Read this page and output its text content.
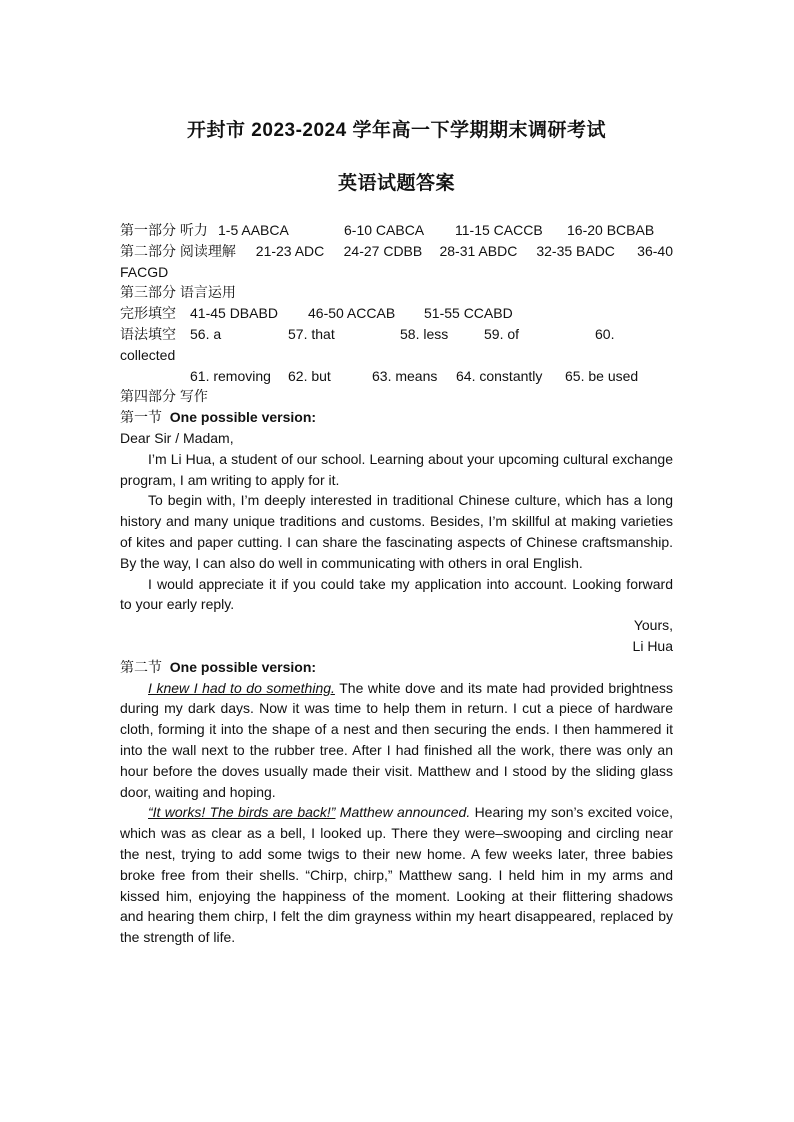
开封市 2023-2024 学年高一下学期期末调研考试
英语试题答案
第一部分 听力 1-5 AABCA	6-10 CABCA	11-15 CACCB	16-20 BCBAB
第二部分 阅读理解	21-23 ADC	24-27 CDBB	28-31 ABDC	32-35 BADC	36-40
FACGD
第三部分 语言运用
完形填空	41-45 DBABD	46-50 ACCAB	51-55 CCABD
语法填空	56. a	57. that	58. less	59. of	60.
collected
61. removing	62. but	63. means	64. constantly	65. be used
第四部分 写作
第一节 One possible version:
Dear Sir / Madam,

I’m Li Hua, a student of our school. Learning about your upcoming cultural exchange program, I am writing to apply for it.

To begin with, I’m deeply interested in traditional Chinese culture, which has a long history and many unique traditions and customs. Besides, I’m skillful at making varieties of kites and paper cutting. I can share the fascinating aspects of Chinese craftsmanship. By the way, I can also do well in communicating with others in oral English.

I would appreciate it if you could take my application into account. Looking forward to your early reply.

Yours,
Li Hua
第二节 One possible version:

I knew I had to do something. The white dove and its mate had provided brightness during my dark days. Now it was time to help them in return. I cut a piece of hardware cloth, forming it into the shape of a nest and then securing the ends. I then hammered it into the wall next to the rubber tree. After I had finished all the work, there was only an hour before the doves usually made their visit. Matthew and I stood by the sliding glass door, waiting and hoping.

“It works! The birds are back!” Matthew announced. Hearing my son’s excited voice, which was as clear as a bell, I looked up. There they were–swooping and circling near the nest, trying to add some twigs to their new home. A few weeks later, three babies broke free from their shells. “Chirp, chirp,” Matthew sang. I held him in my arms and kissed him, enjoying the happiness of the moment. Looking at their flittering shadows and hearing them chirp, I felt the dim grayness within my heart disappeared, replaced by the strength of life.
